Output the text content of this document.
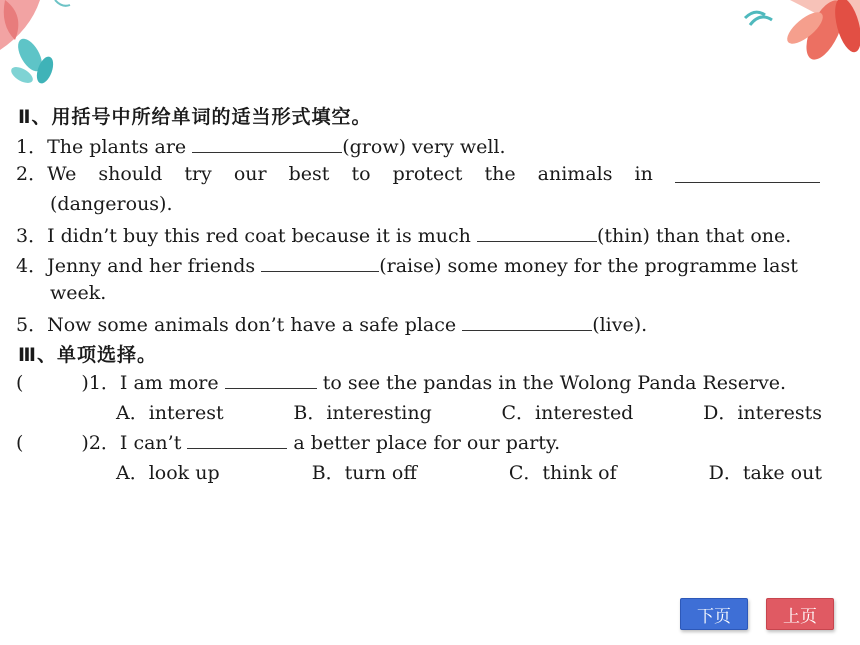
Ⅱ、用括号中所给单词的适当形式填空。
1．The plants are	(grow) very well.
2．We should try our best to protect the animals in
(dangerous).
3．I didn’t buy this red coat because it is much	(thin) than that one.
4．Jenny and her friends	(raise) some money for the programme last
week.
5．Now some animals don’t have a safe place	(live).
Ⅲ、单项选择。
(	)1．I am more	to see the pandas in the Wolong Panda Reserve.
A．interest	B．interesting	C．interested	D．interests
(	)2．I can’t	a better place for our party.
A．look up	B．turn off	C．think of	D．take out
下页	上页
